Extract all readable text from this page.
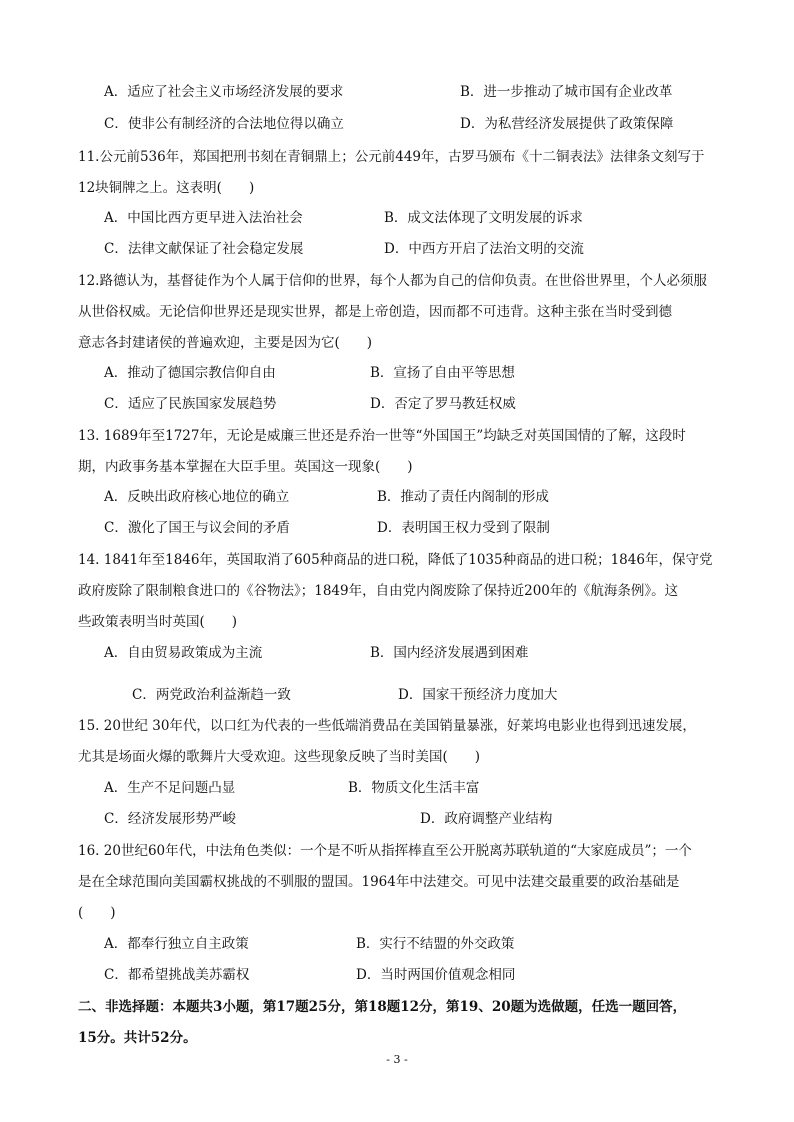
A．适应了社会主义市场经济发展的要求	B．进一步推动了城市国有企业改革
C．使非公有制经济的合法地位得以确立	D．为私营经济发展提供了政策保障
11.公元前536年，郑国把刑书刻在青铜鼎上；公元前449年，古罗马颁布《十二铜表法》法律条文刻写于
12块铜牌之上。这表明(　　)
A．中国比西方更早进入法治社会	B．成文法体现了文明发展的诉求
C．法律文献保证了社会稳定发展	D．中西方开启了法治文明的交流
12.路德认为，基督徒作为个人属于信仰的世界，每个人都为自己的信仰负责。在世俗世界里，个人必须服
从世俗权威。无论信仰世界还是现实世界，都是上帝创造，因而都不可违背。这种主张在当时受到德
意志各封建诸侯的普遍欢迎，主要是因为它(　　)
A．推动了德国宗教信仰自由	B．宣扬了自由平等思想
C．适应了民族国家发展趋势	D．否定了罗马教廷权威
13. 1689年至1727年，无论是威廉三世还是乔治一世等“外国国王”均缺乏对英国国情的了解，这段时
期，内政事务基本掌握在大臣手里。英国这一现象(　　)
A．反映出政府核心地位的确立	B．推动了责任内阁制的形成
C．激化了国王与议会间的矛盾	D．表明国王权力受到了限制
14. 1841年至1846年，英国取消了605种商品的进口税，降低了1035种商品的进口税；1846年，保守党
政府废除了限制粮食进口的《谷物法》；1849年，自由党内阁废除了保持近200年的《航海条例》。这
些政策表明当时英国(　　)
A．自由贸易政策成为主流	B．国内经济发展遇到困难
C．两党政治利益渐趋一致	D．国家干预经济力度加大
15. 20世纪 30年代，以口红为代表的一些低端消费品在美国销量暴涨，好莱坞电影业也得到迅速发展，
尤其是场面火爆的歌舞片大受欢迎。这些现象反映了当时美国(　　)
A．生产不足问题凸显	B．物质文化生活丰富
C．经济发展形势严峻	D．政府调整产业结构
16. 20世纪60年代，中法角色类似：一个是不听从指挥棒直至公开脱离苏联轨道的“大家庭成员”；一个
是在全球范围向美国霸权挑战的不驯服的盟国。1964年中法建交。可见中法建交最重要的政治基础是
(　　)
A．都奉行独立自主政策	B．实行不结盟的外交政策
C．都希望挑战美苏霸权	D．当时两国价值观念相同
二、非选择题：本题共3小题，第17题25分，第18题12分，第19、20题为选做题，任选一题回答，
15分。共计52分。
- 3 -
